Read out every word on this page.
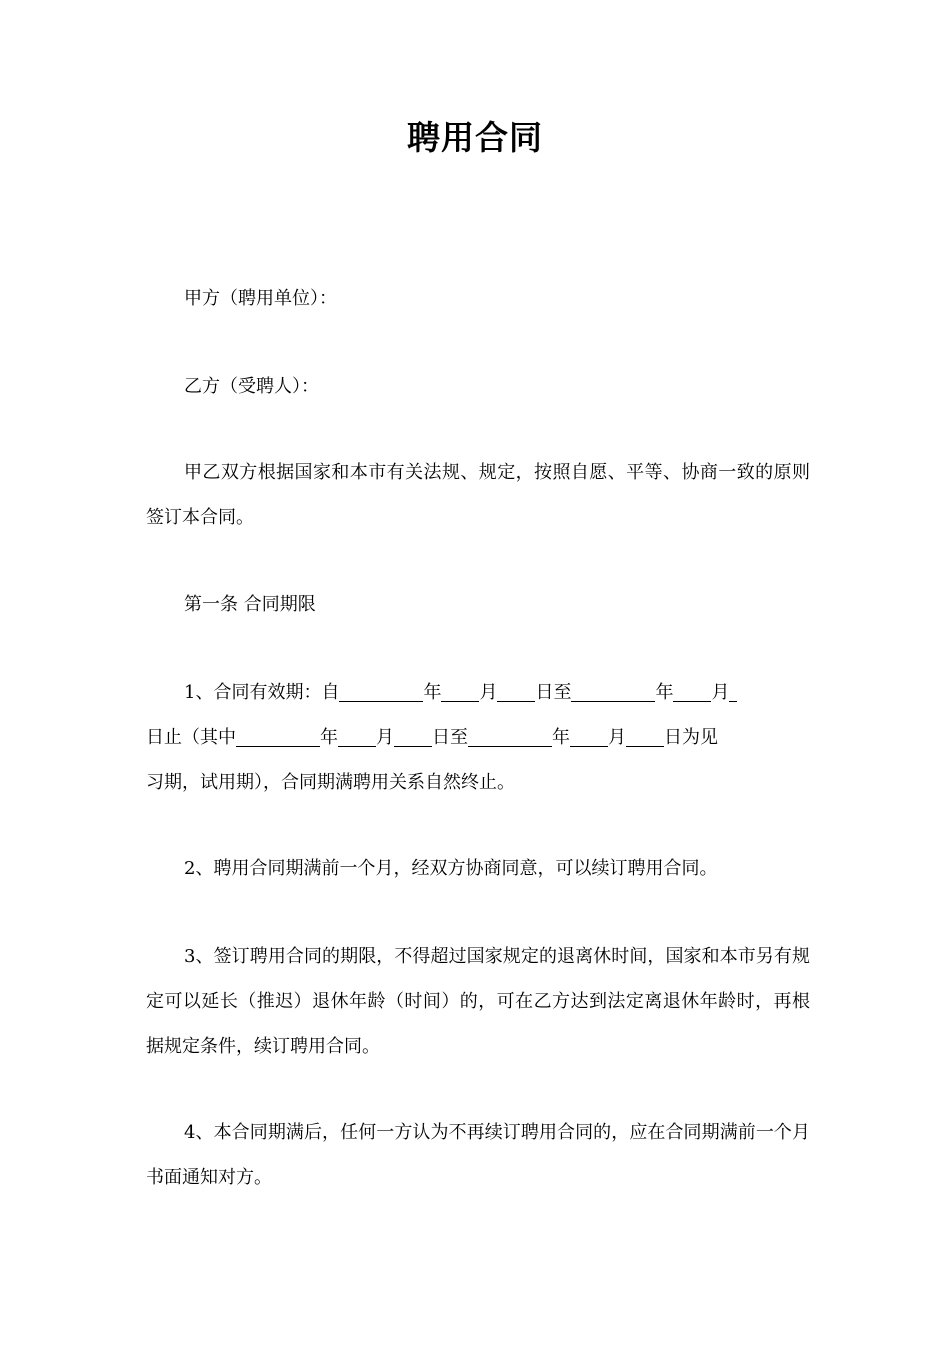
聘用合同
甲方（聘用单位）：
乙方（受聘人）：
甲乙双方根据国家和本市有关法规、规定，按照自愿、平等、协商一致的原则签订本合同。
第一条 合同期限
1、合同有效期：自	年 月 日至	年 月
日止（其中	年 月 日至	年 月 日为见
习期，试用期），合同期满聘用关系自然终止。
2、聘用合同期满前一个月，经双方协商同意，可以续订聘用合同。
3、签订聘用合同的期限，不得超过国家规定的退离休时间，国家和本市另有规定可以延长（推迟）退休年龄（时间）的，可在乙方达到法定离退休年龄时，再根据规定条件，续订聘用合同。
4、本合同期满后，任何一方认为不再续订聘用合同的，应在合同期满前一个月书面通知对方。
